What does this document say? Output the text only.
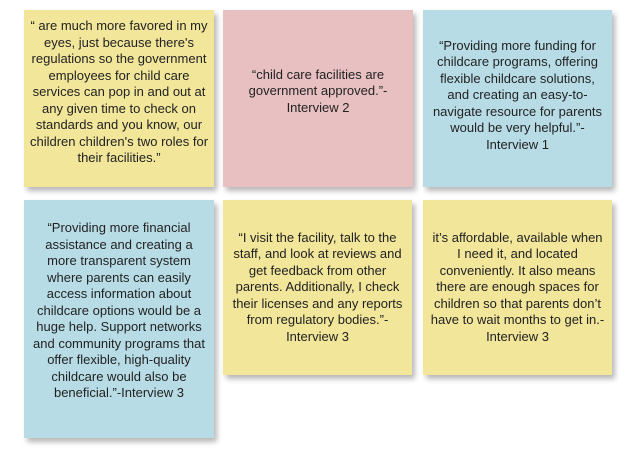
“ are much more favored in my eyes, just because there's regulations so the government employees for child care services can pop in and out at any given time to check on standards and you know, our children children's two roles for their facilities.”
“child care facilities are government approved.”- Interview 2
“Providing more funding for childcare programs, offering flexible childcare solutions, and creating an easy-to-navigate resource for parents would be very helpful.”- Interview 1
“Providing more financial assistance and creating a more transparent system where parents can easily access information about childcare options would be a huge help. Support networks and community programs that offer flexible, high-quality childcare would also be beneficial.”-Interview 3
“I visit the facility, talk to the staff, and look at reviews and get feedback from other parents. Additionally, I check their licenses and any reports from regulatory bodies.”- Interview 3
it’s affordable, available when I need it, and located conveniently. It also means there are enough spaces for children so that parents don’t have to wait months to get in.- Interview 3
